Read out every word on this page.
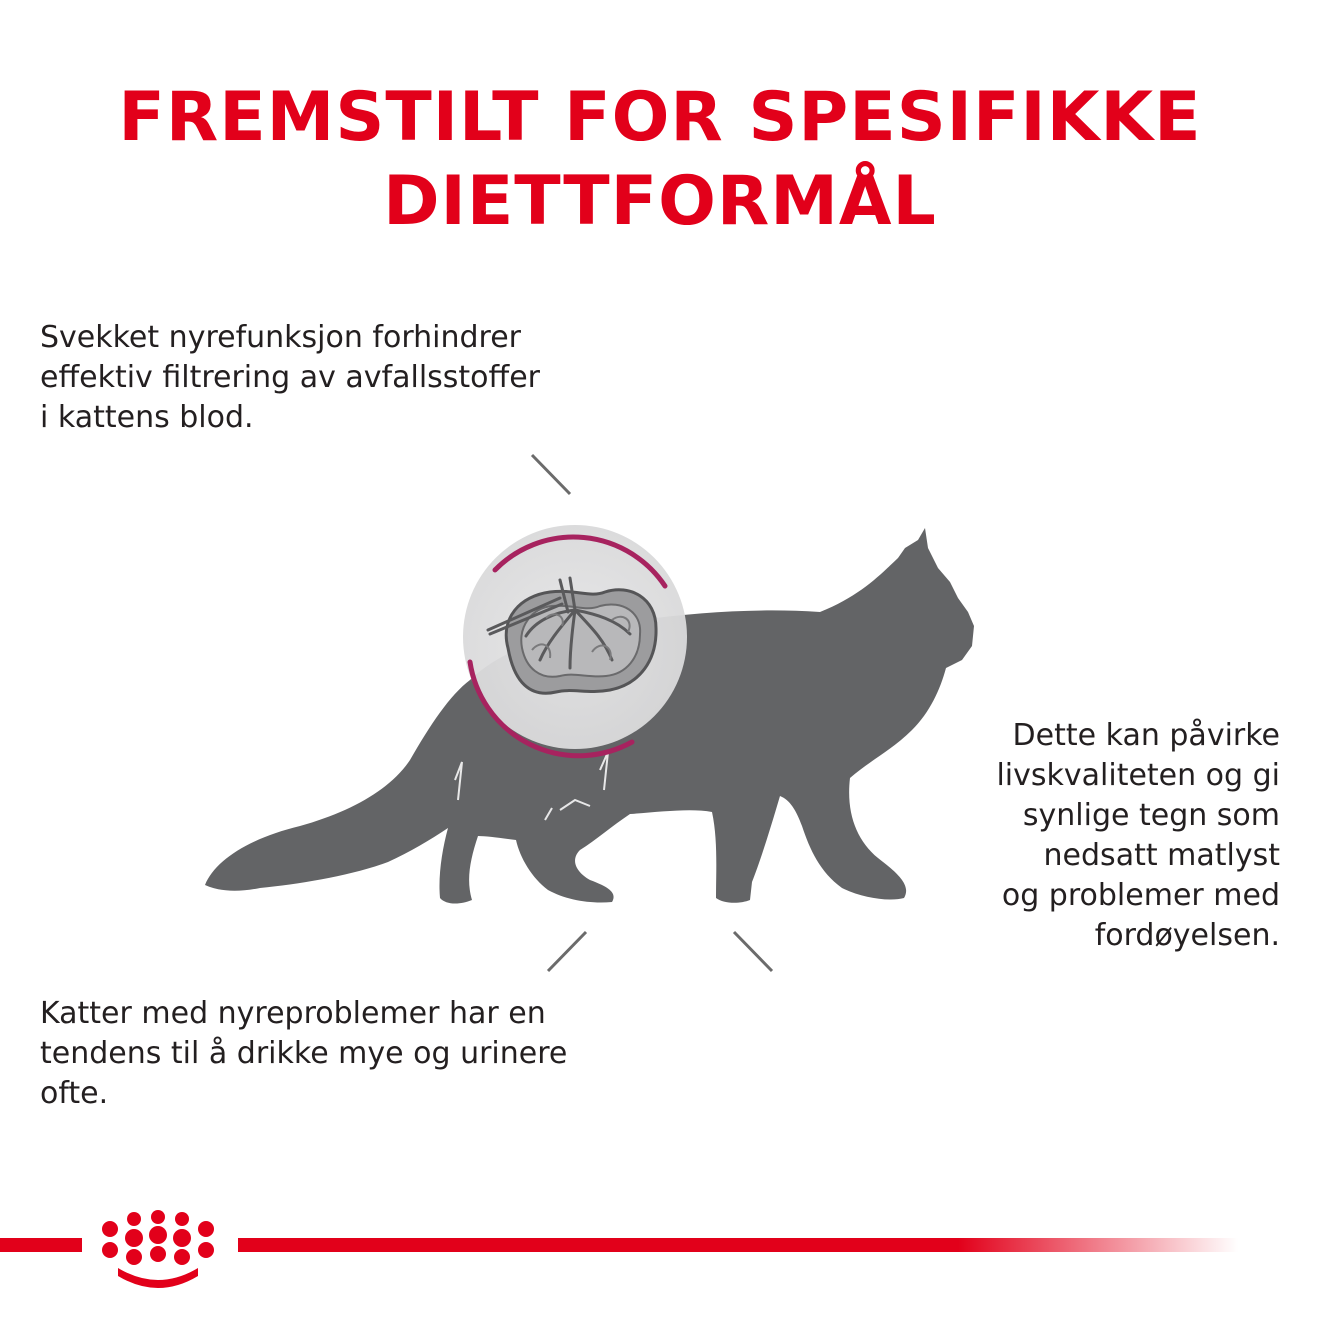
FREMSTILT FOR SPESIFIKKE
DIETTFORMÅL
Svekket nyrefunksjon forhindrer
effektiv filtrering av avfallsstoffer
i kattens blod.
Dette kan påvirke
livskvaliteten og gi
synlige tegn som
nedsatt matlyst
og problemer med
fordøyelsen.
Katter med nyreproblemer har en
tendens til å drikke mye og urinere
ofte.
